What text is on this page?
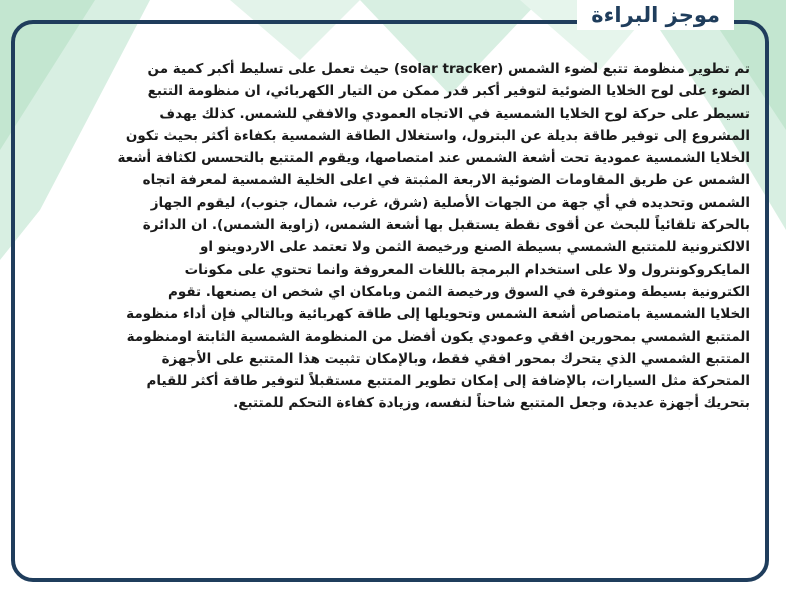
موجز البراءة
تم تطوير منظومة تتبع لضوء الشمس (solar tracker) حيث تعمل على تسليط أكبر كمية من
الضوء على لوح الخلايا الضوئية لتوفير أكبر قدر ممكن من التيار الكهربائي، ان منظومة التتبع
تسيطر على حركة لوح الخلايا الشمسية في الاتجاه العمودي والافقي للشمس. كذلك يهدف
المشروع إلى توفير طاقة بديلة عن البترول، واستغلال الطاقة الشمسية بكفاءة أكثر بحيث تكون
الخلايا الشمسية عمودية تحت أشعة الشمس عند امتصاصها، ويقوم المتتبع بالتحسس لكثافة أشعة
الشمس عن طريق المقاومات الضوئية الاربعة المثبتة في اعلى الخلية الشمسية لمعرفة اتجاه
الشمس وتحديده في أي جهة من الجهات الأصلية (شرق، غرب، شمال، جنوب)، ليقوم الجهاز
بالحركة تلقائياً للبحث عن أقوى نقطة يستقبل بها أشعة الشمس، (زاوية الشمس). ان الدائرة
الالكترونية للمتتبع الشمسي بسيطة الصنع ورخيصة الثمن ولا تعتمد على الاردوينو او
المايكروكونترول ولا على استخدام البرمجة باللغات المعروفة وانما تحتوي على مكونات
الكترونية بسيطة ومتوفرة في السوق ورخيصة الثمن وبامكان اي شخص ان يصنعها. تقوم
الخلايا الشمسية بامتصاص أشعة الشمس وتحويلها إلى طاقة كهربائية وبالتالي فإن أداء منظومة
المتتبع الشمسي بمحورين افقي وعمودي يكون أفضل من المنظومة الشمسية الثابتة اومنظومة
المتتبع الشمسي الذي يتحرك بمحور افقي فقط، وبالإمكان تثبيت هذا المتتبع على الأجهزة
المتحركة مثل السيارات، بالإضافة إلى إمكان تطوير المتتبع مستقبلاً لتوفير طاقة أكثر للقيام
بتحريك أجهزة عديدة، وجعل المتتبع شاحناً لنفسه، وزيادة كفاءة التحكم للمتتبع.
